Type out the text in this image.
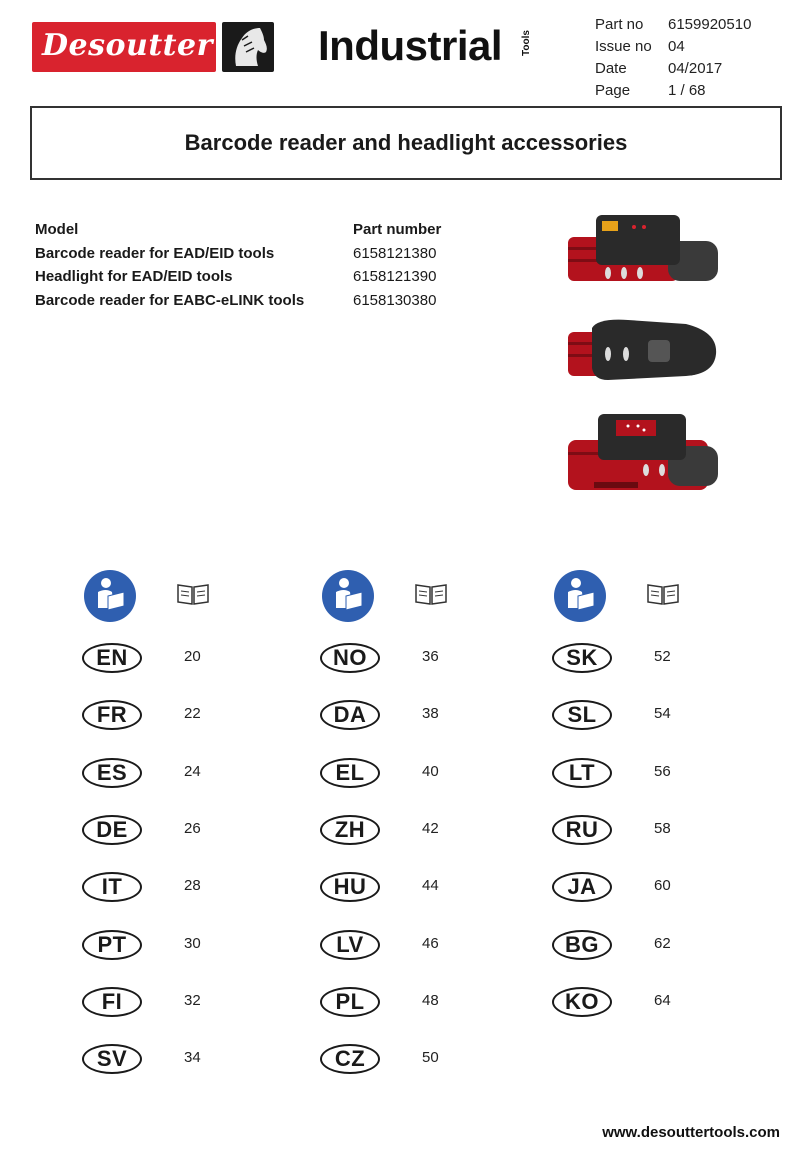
Desoutter	Industrial Tools
Part no	6159920510
Issue no	04
Date	04/2017
Page	1 / 68
Barcode reader and headlight accessories
Model	Part number
Barcode reader for EAD/EID tools	6158121380
Headlight for EAD/EID tools	6158121390
Barcode reader for EABC-eLINK tools	6158130380
EN	20
FR	22
ES	24
DE	26
IT	28
PT	30
FI	32
SV	34
NO	36
DA	38
EL	40
ZH	42
HU	44
LV	46
PL	48
CZ	50
SK	52
SL	54
LT	56
RU	58
JA	60
BG	62
KO	64
www.desouttertools.com
